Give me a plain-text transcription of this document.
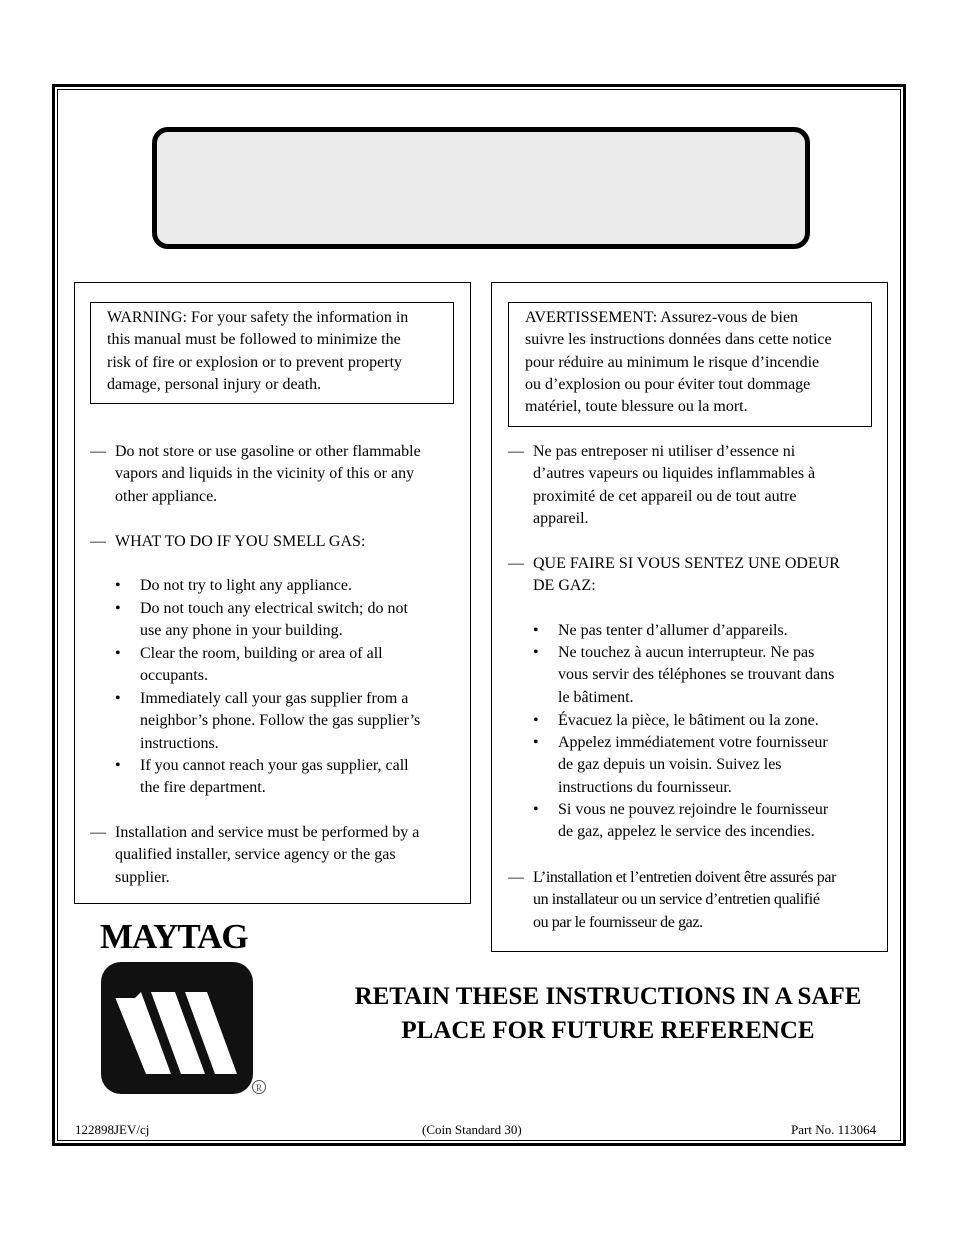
WARNING: For your safety the information in
this manual must be followed to minimize the
risk of fire or explosion or to prevent property
damage, personal injury or death.
AVERTISSEMENT: Assurez-vous de bien
suivre les instructions données dans cette notice
pour réduire au minimum le risque d’incendie
ou d’explosion ou pour éviter tout dommage
matériel, toute blessure ou la mort.
— Do not store or use gasoline or other flammable
vapors and liquids in the vicinity of this or any
other appliance.
— WHAT TO DO IF YOU SMELL GAS:
• Do not try to light any appliance.
• Do not touch any electrical switch; do not
use any phone in your building.
• Clear the room, building or area of all
occupants.
• Immediately call your gas supplier from a
neighbor’s phone. Follow the gas supplier’s
instructions.
• If you cannot reach your gas supplier, call
the fire department.
— Installation and service must be performed by a
qualified installer, service agency or the gas
supplier.
— Ne pas entreposer ni utiliser d’essence ni
d’autres vapeurs ou liquides inflammables à
proximité de cet appareil ou de tout autre
appareil.
— QUE FAIRE SI VOUS SENTEZ UNE ODEUR
DE GAZ:
• Ne pas tenter d’allumer d’appareils.
• Ne touchez à aucun interrupteur. Ne pas
vous servir des téléphones se trouvant dans
le bâtiment.
• Évacuez la pièce, le bâtiment ou la zone.
• Appelez immédiatement votre fournisseur
de gaz depuis un voisin. Suivez les
instructions du fournisseur.
• Si vous ne pouvez rejoindre le fournisseur
de gaz, appelez le service des incendies.
— L’installation et l’entretien doivent être assurés par
un installateur ou un service d’entretien qualifié
ou par le fournisseur de gaz.
MAYTAG
R
RETAIN THESE INSTRUCTIONS IN A SAFE
PLACE FOR FUTURE REFERENCE
122898JEV/cj	(Coin Standard 30)	Part No. 113064
